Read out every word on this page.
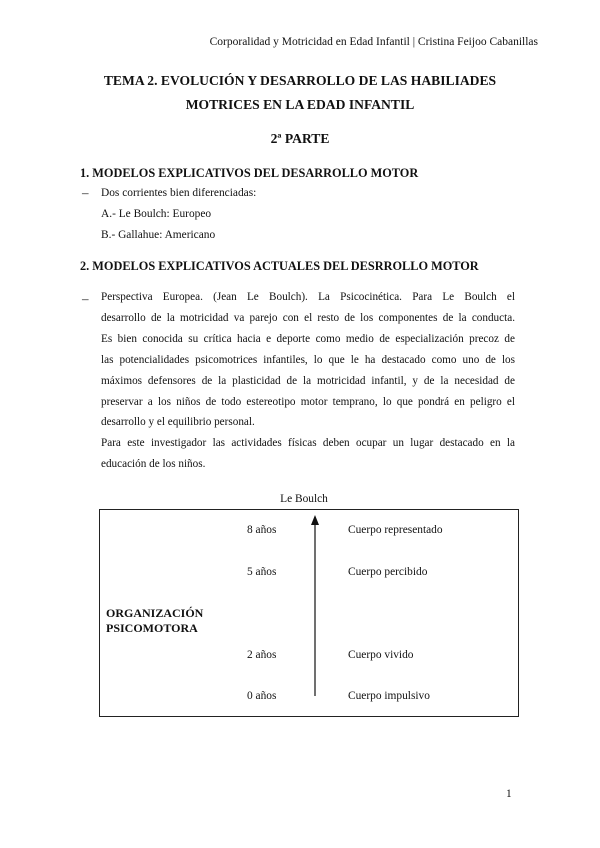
Corporalidad y Motricidad en Edad Infantil | Cristina Feijoo Cabanillas
TEMA 2. EVOLUCIÓN Y DESARROLLO DE LAS HABILIADES
MOTRICES EN LA EDAD INFANTIL
2ª PARTE
1. MODELOS EXPLICATIVOS DEL DESARROLLO MOTOR
– Dos corrientes bien diferenciadas:
A.- Le Boulch: Europeo
B.- Gallahue: Americano
2. MODELOS EXPLICATIVOS ACTUALES DEL DESRROLLO MOTOR
– Perspectiva Europea. (Jean Le Boulch). La Psicocinética. Para Le Boulch el
desarrollo de la motricidad va parejo con el resto de los componentes de la conducta.
Es bien conocida su crítica hacia e deporte como medio de especialización precoz de
las potencialidades psicomotrices infantiles, lo que le ha destacado como uno de los
máximos defensores de la plasticidad de la motricidad infantil, y de la necesidad de
preservar a los niños de todo estereotipo motor temprano, lo que pondrá en peligro el
desarrollo y el equilibrio personal.
Para este investigador las actividades físicas deben ocupar un lugar destacado en la
educación de los niños.
Le Boulch
8 años	Cuerpo representado
5 años	Cuerpo percibido
ORGANIZACIÓN
PSICOMOTORA
2 años	Cuerpo vivido
0 años	Cuerpo impulsivo
1
